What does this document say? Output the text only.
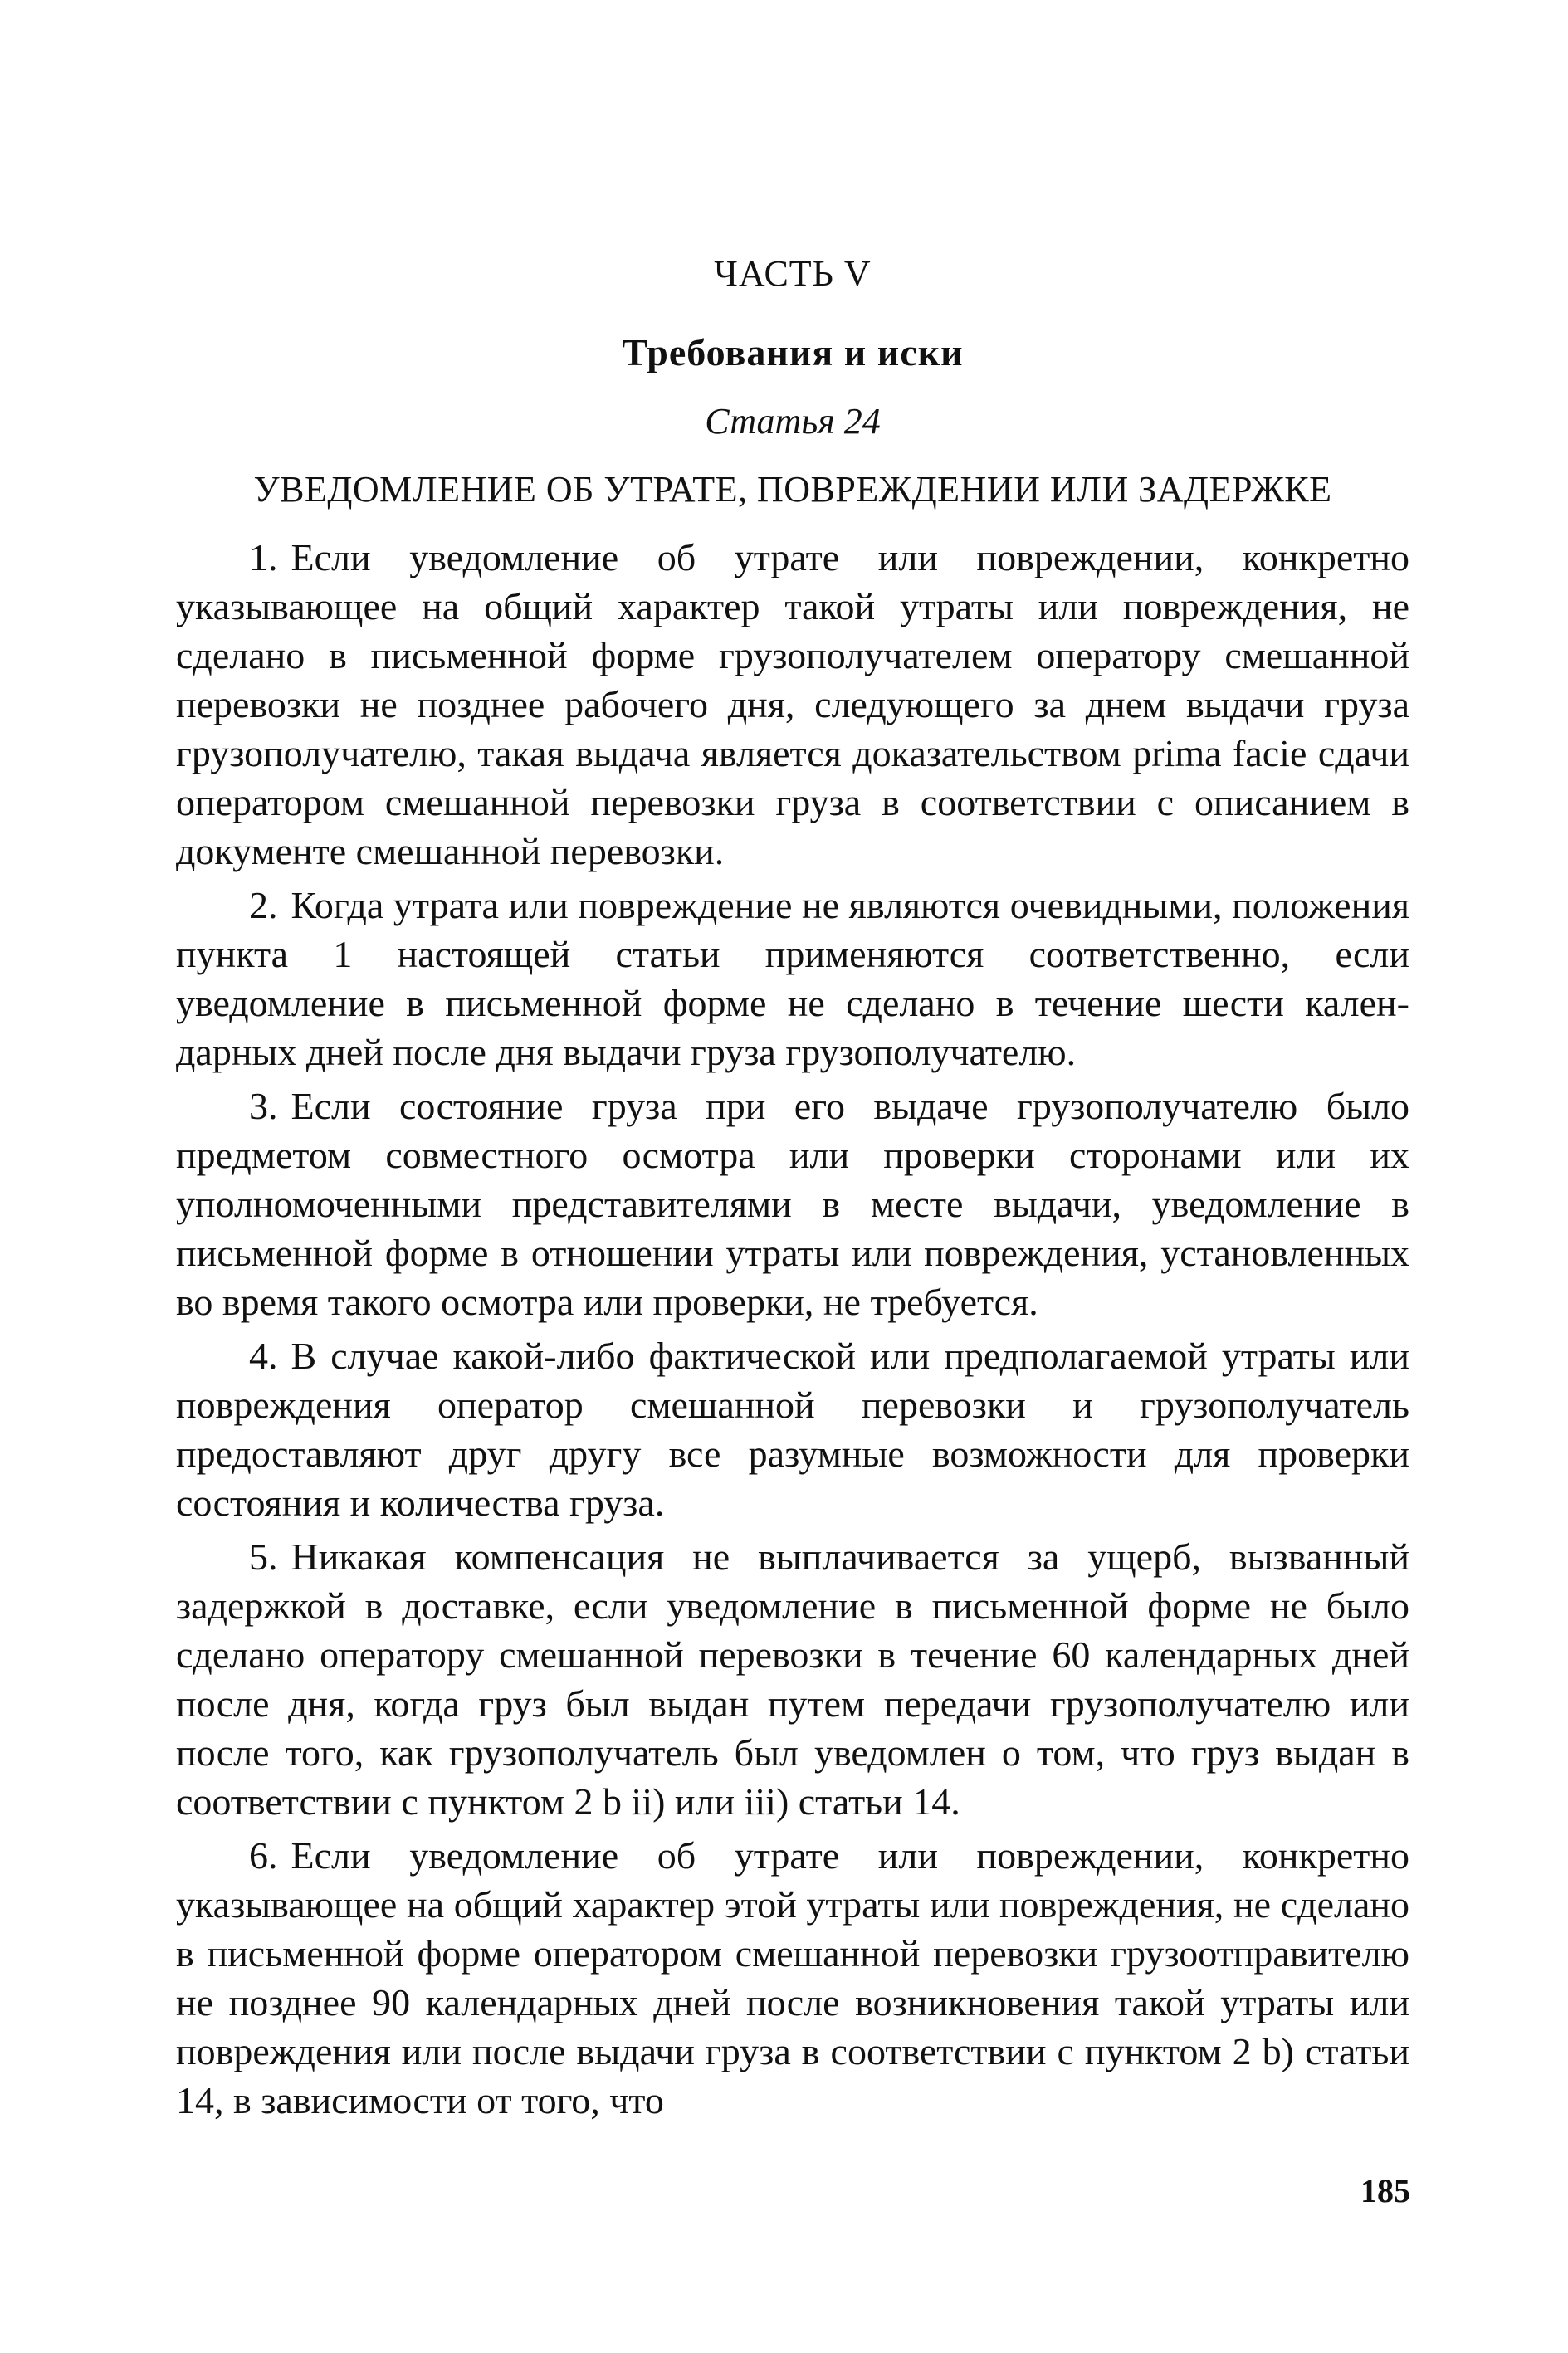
ЧАСТЬ V
Требования и иски
Статья 24
УВЕДОМЛЕНИЕ ОБ УТРАТЕ, ПОВРЕЖДЕНИИ ИЛИ ЗАДЕРЖКЕ

1. Если уведомление об утрате или повреждении, конкретно указывающее на общий характер такой утраты или повреждения, не сделано в письменной форме грузополучателем оператору смешанной перевозки не позднее рабочего дня, следующего за днем выдачи груза грузополучателю, такая выдача является доказательством prima facie сдачи оператором смешанной перевозки груза в соответствии с описанием в документе смешанной перевозки.

2. Когда утрата или повреждение не являются очевидными, положения пункта 1 настоящей статьи применяются соответственно, если уведомление в письменной форме не сделано в течение шести календарных дней после дня выдачи груза грузополучателю.

3. Если состояние груза при его выдаче грузополучателю было предметом совместного осмотра или проверки сторонами или их уполномоченными представителями в месте выдачи, уведомление в письменной форме в отношении утраты или повреждения, установленных во время такого осмотра или проверки, не требуется.

4. В случае какой-либо фактической или предполагаемой утраты или повреждения оператор смешанной перевозки и грузополучатель предоставляют друг другу все разумные возможности для проверки состояния и количества груза.

5. Никакая компенсация не выплачивается за ущерб, вызванный задержкой в доставке, если уведомление в письменной форме не было сделано оператору смешанной перевозки в течение 60 календарных дней после дня, когда груз был выдан путем передачи грузополучателю или после того, как грузополучатель был уведомлен о том, что груз выдан в соответствии с пунктом 2 b ii) или iii) статьи 14.

6. Если уведомление об утрате или повреждении, конкретно указывающее на общий характер этой утраты или повреждения, не сделано в письменной форме оператором смешанной перевозки грузоотправителю не позднее 90 календарных дней после возникновения такой утраты или повреждения или после выдачи груза в соответствии с пунктом 2 b) статьи 14, в зависимости от того, что

185
